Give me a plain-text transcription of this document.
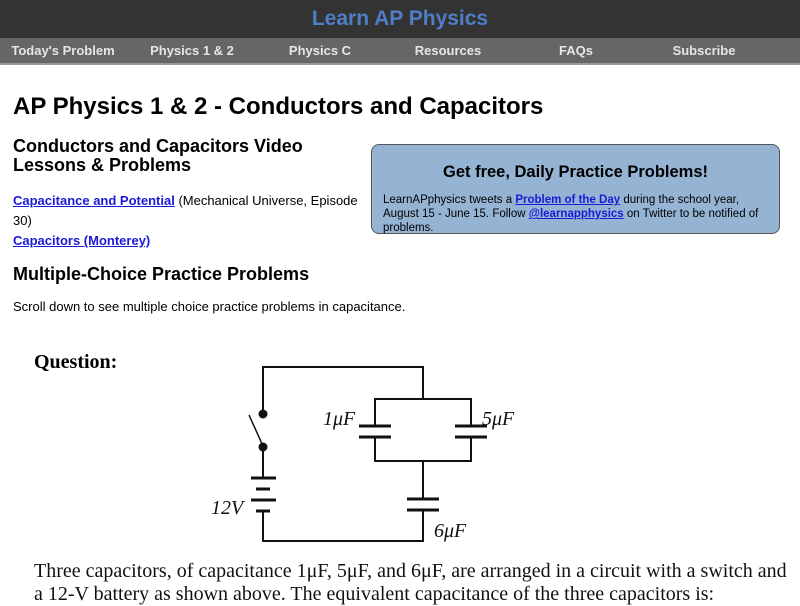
Learn AP Physics
Today's Problem	Physics 1 & 2	Physics C	Resources	FAQs	Subscribe
AP Physics 1 & 2 - Conductors and Capacitors
Conductors and Capacitors Video Lessons & Problems
Capacitance and Potential (Mechanical Universe, Episode 30)
Capacitors (Monterey)
Multiple-Choice Practice Problems
Scroll down to see multiple choice practice problems in capacitance.
Get free, Daily Practice Problems!
LearnAPphysics tweets a Problem of the Day during the school year, August 15 - June 15. Follow @learnapphysics on Twitter to be notified of problems.
Question:
1μF	5μF
6μF
12V
Three capacitors, of capacitance 1μF, 5μF, and 6μF, are arranged in a circuit with a switch and a 12-V battery as shown above. The equivalent capacitance of the three capacitors is:
